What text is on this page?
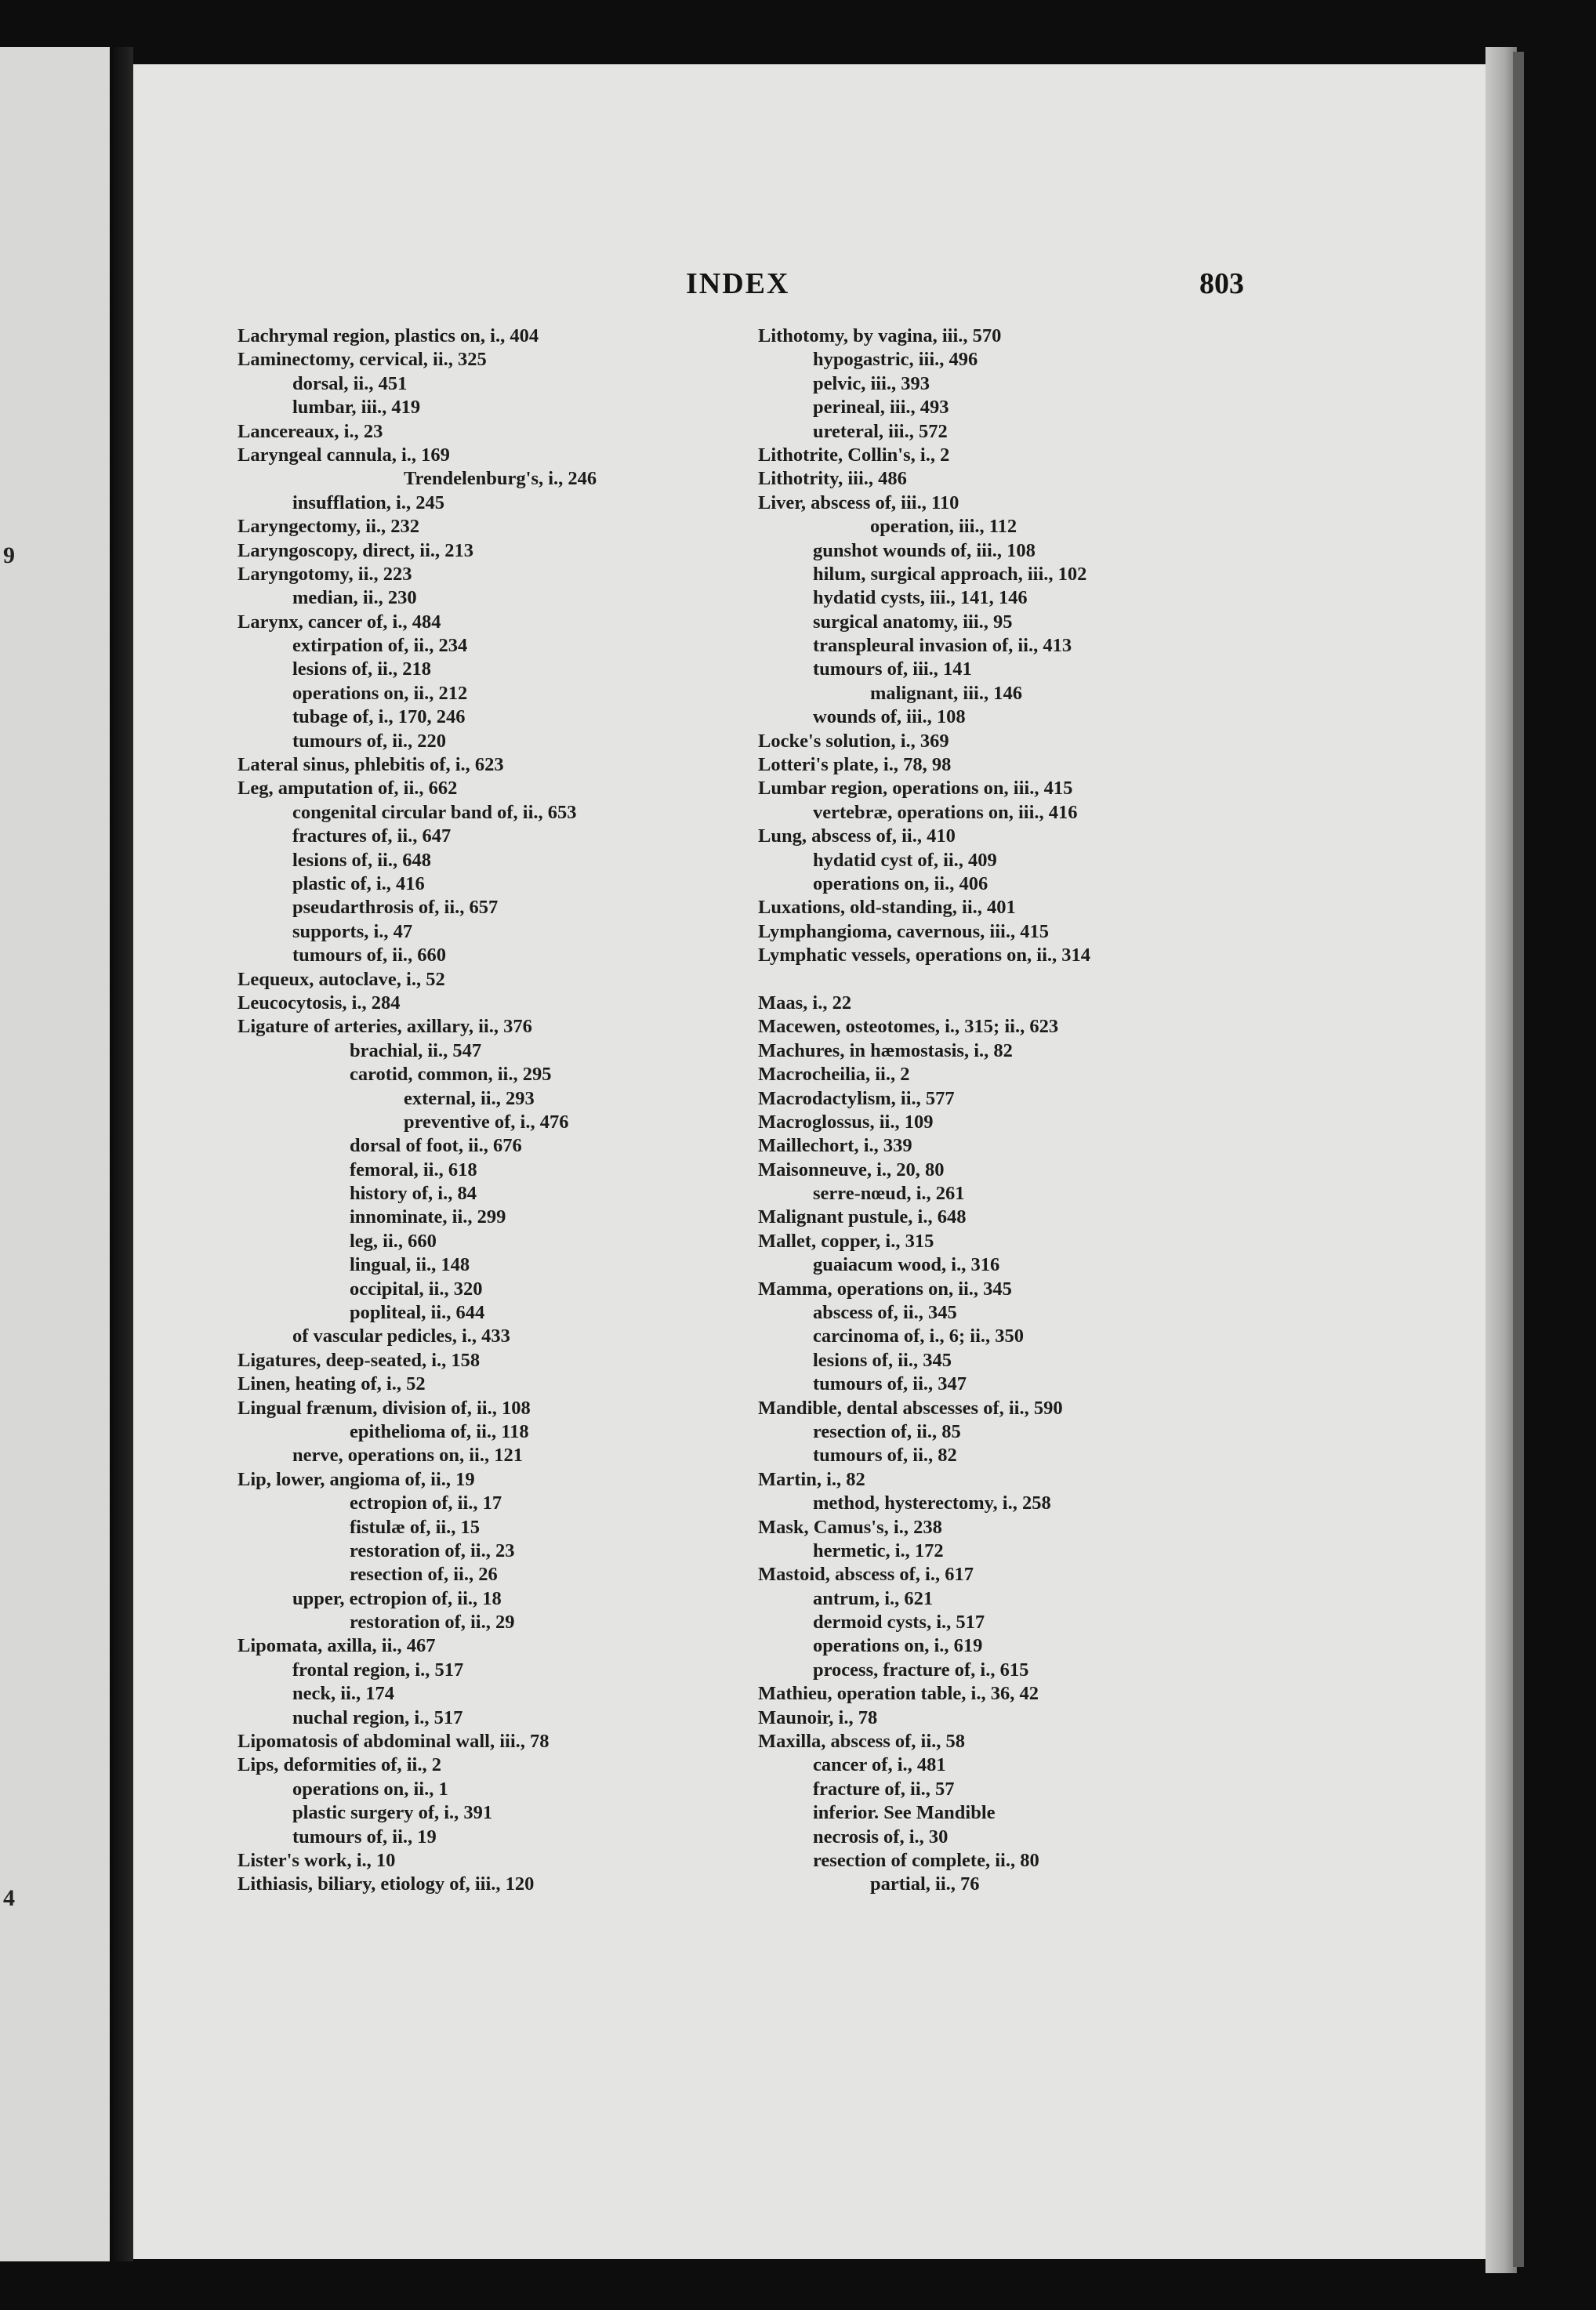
9
4
INDEX	803
Lachrymal region, plastics on, i., 404
Laminectomy, cervical, ii., 325
dorsal, ii., 451
lumbar, iii., 419
Lancereaux, i., 23
Laryngeal cannula, i., 169
Trendelenburg's, i., 246
insufflation, i., 245
Laryngectomy, ii., 232
Laryngoscopy, direct, ii., 213
Laryngotomy, ii., 223
median, ii., 230
Larynx, cancer of, i., 484
extirpation of, ii., 234
lesions of, ii., 218
operations on, ii., 212
tubage of, i., 170, 246
tumours of, ii., 220
Lateral sinus, phlebitis of, i., 623
Leg, amputation of, ii., 662
congenital circular band of, ii., 653
fractures of, ii., 647
lesions of, ii., 648
plastic of, i., 416
pseudarthrosis of, ii., 657
supports, i., 47
tumours of, ii., 660
Lequeux, autoclave, i., 52
Leucocytosis, i., 284
Ligature of arteries, axillary, ii., 376
brachial, ii., 547
carotid, common, ii., 295
external, ii., 293
preventive of, i., 476
dorsal of foot, ii., 676
femoral, ii., 618
history of, i., 84
innominate, ii., 299
leg, ii., 660
lingual, ii., 148
occipital, ii., 320
popliteal, ii., 644
of vascular pedicles, i., 433
Ligatures, deep-seated, i., 158
Linen, heating of, i., 52
Lingual frænum, division of, ii., 108
epithelioma of, ii., 118
nerve, operations on, ii., 121
Lip, lower, angioma of, ii., 19
ectropion of, ii., 17
fistulæ of, ii., 15
restoration of, ii., 23
resection of, ii., 26
upper, ectropion of, ii., 18
restoration of, ii., 29
Lipomata, axilla, ii., 467
frontal region, i., 517
neck, ii., 174
nuchal region, i., 517
Lipomatosis of abdominal wall, iii., 78
Lips, deformities of, ii., 2
operations on, ii., 1
plastic surgery of, i., 391
tumours of, ii., 19
Lister's work, i., 10
Lithiasis, biliary, etiology of, iii., 120
Lithotomy, by vagina, iii., 570
hypogastric, iii., 496
pelvic, iii., 393
perineal, iii., 493
ureteral, iii., 572
Lithotrite, Collin's, i., 2
Lithotrity, iii., 486
Liver, abscess of, iii., 110
operation, iii., 112
gunshot wounds of, iii., 108
hilum, surgical approach, iii., 102
hydatid cysts, iii., 141, 146
surgical anatomy, iii., 95
transpleural invasion of, ii., 413
tumours of, iii., 141
malignant, iii., 146
wounds of, iii., 108
Locke's solution, i., 369
Lotteri's plate, i., 78, 98
Lumbar region, operations on, iii., 415
vertebræ, operations on, iii., 416
Lung, abscess of, ii., 410
hydatid cyst of, ii., 409
operations on, ii., 406
Luxations, old-standing, ii., 401
Lymphangioma, cavernous, iii., 415
Lymphatic vessels, operations on, ii., 314
Maas, i., 22
Macewen, osteotomes, i., 315; ii., 623
Machures, in hæmostasis, i., 82
Macrocheilia, ii., 2
Macrodactylism, ii., 577
Macroglossus, ii., 109
Maillechort, i., 339
Maisonneuve, i., 20, 80
serre-nœud, i., 261
Malignant pustule, i., 648
Mallet, copper, i., 315
guaiacum wood, i., 316
Mamma, operations on, ii., 345
abscess of, ii., 345
carcinoma of, i., 6; ii., 350
lesions of, ii., 345
tumours of, ii., 347
Mandible, dental abscesses of, ii., 590
resection of, ii., 85
tumours of, ii., 82
Martin, i., 82
method, hysterectomy, i., 258
Mask, Camus's, i., 238
hermetic, i., 172
Mastoid, abscess of, i., 617
antrum, i., 621
dermoid cysts, i., 517
operations on, i., 619
process, fracture of, i., 615
Mathieu, operation table, i., 36, 42
Maunoir, i., 78
Maxilla, abscess of, ii., 58
cancer of, i., 481
fracture of, ii., 57
inferior. See Mandible
necrosis of, i., 30
resection of complete, ii., 80
partial, ii., 76
